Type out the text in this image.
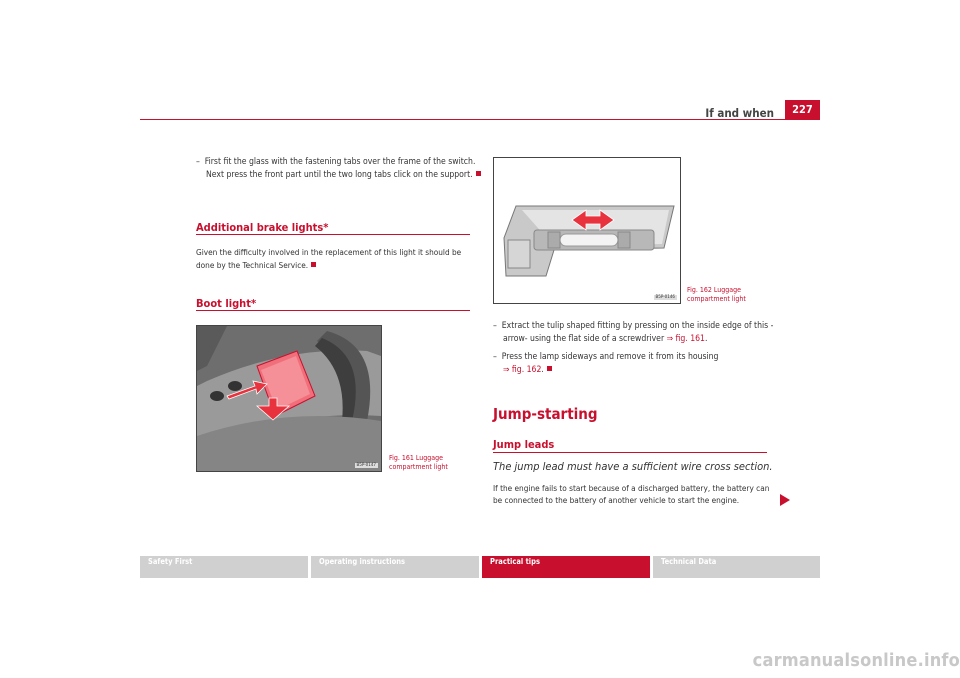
If and when	227
–  First fit the glass with the fastening tabs over the frame of the switch. Next press the front part until the two long tabs click on the support.
Additional brake lights*
Given the difficulty involved in the replacement of this light it should be done by the Technical Service.
Boot light*
B5P-0147
Fig. 161 Luggage
compartment light
B5P-0146
Fig. 162 Luggage
compartment light
–  Extract the tulip shaped fitting by pressing on the inside edge of this -arrow- using the flat side of a screwdriver ⇒ fig. 161.
–  Press the lamp sideways and remove it from its housing
⇒ fig. 162.
Jump-starting
Jump leads
The jump lead must have a sufficient wire cross section.
If the engine fails to start because of a discharged battery, the battery can be connected to the battery of another vehicle to start the engine.
Safety First	Operating instructions	Practical tips	Technical Data
carmanualsonline.info
